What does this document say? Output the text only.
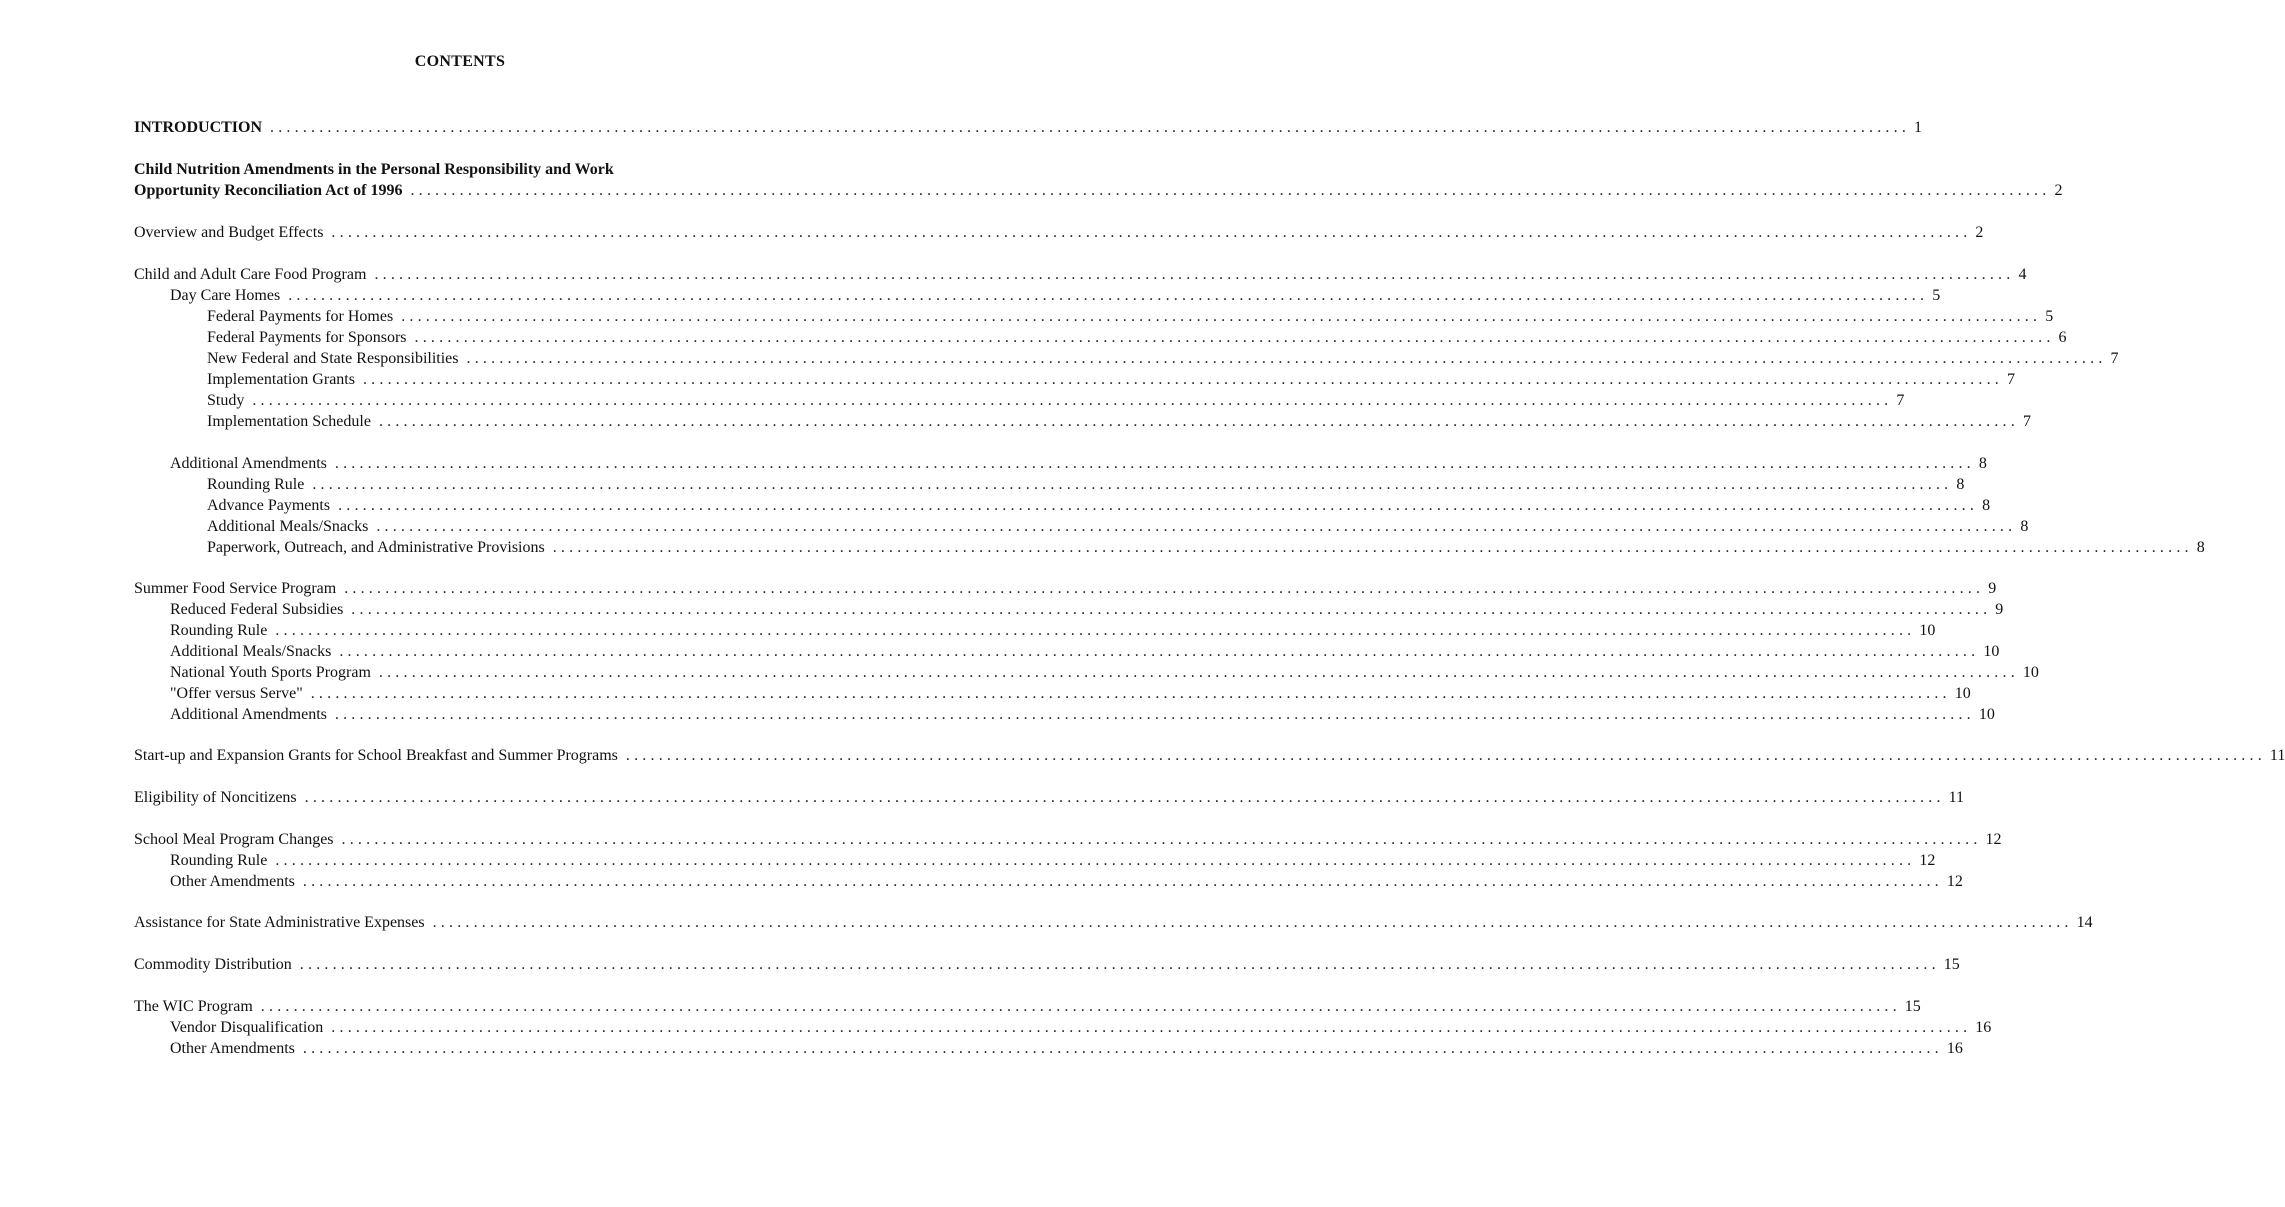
CONTENTS
INTRODUCTION ........................................................................................................................................................................................................ 1
Child Nutrition Amendments in the Personal Responsibility and Work
Opportunity Reconciliation Act of 1996 ........................................................................................................................................................................................................ 2
Overview and Budget Effects ........................................................................................................................................................................................................ 2
Child and Adult Care Food Program ........................................................................................................................................................................................................ 4
Day Care Homes ........................................................................................................................................................................................................ 5
Federal Payments for Homes ........................................................................................................................................................................................................ 5
Federal Payments for Sponsors ........................................................................................................................................................................................................ 6
New Federal and State Responsibilities ........................................................................................................................................................................................................ 7
Implementation Grants ........................................................................................................................................................................................................ 7
Study ........................................................................................................................................................................................................ 7
Implementation Schedule ........................................................................................................................................................................................................ 7
Additional Amendments ........................................................................................................................................................................................................ 8
Rounding Rule ........................................................................................................................................................................................................ 8
Advance Payments ........................................................................................................................................................................................................ 8
Additional Meals/Snacks ........................................................................................................................................................................................................ 8
Paperwork, Outreach, and Administrative Provisions ........................................................................................................................................................................................................ 8
Summer Food Service Program ........................................................................................................................................................................................................ 9
Reduced Federal Subsidies ........................................................................................................................................................................................................ 9
Rounding Rule ........................................................................................................................................................................................................ 10
Additional Meals/Snacks ........................................................................................................................................................................................................ 10
National Youth Sports Program ........................................................................................................................................................................................................ 10
"Offer versus Serve" ........................................................................................................................................................................................................ 10
Additional Amendments ........................................................................................................................................................................................................ 10
Start-up and Expansion Grants for School Breakfast and Summer Programs ........................................................................................................................................................................................................ 11
Eligibility of Noncitizens ........................................................................................................................................................................................................ 11
School Meal Program Changes ........................................................................................................................................................................................................ 12
Rounding Rule ........................................................................................................................................................................................................ 12
Other Amendments ........................................................................................................................................................................................................ 12
Assistance for State Administrative Expenses ........................................................................................................................................................................................................ 14
Commodity Distribution ........................................................................................................................................................................................................ 15
The WIC Program ........................................................................................................................................................................................................ 15
Vendor Disqualification ........................................................................................................................................................................................................ 16
Other Amendments ........................................................................................................................................................................................................ 16
